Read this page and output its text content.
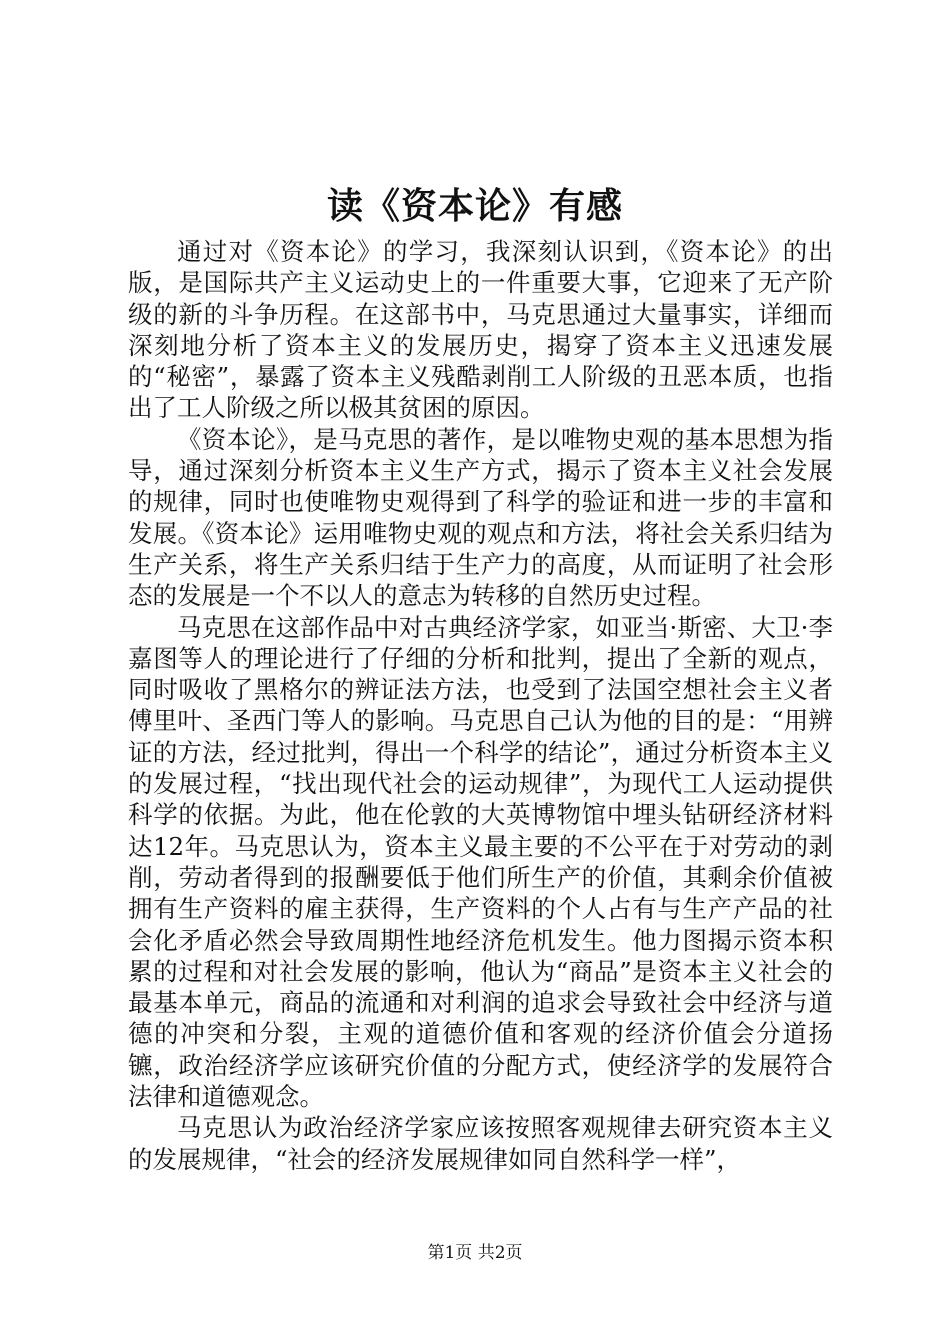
读《资本论》有感

通过对《资本论》的学习，我深刻认识到，《资本论》的出版，是国际共产主义运动史上的一件重要大事，它迎来了无产阶级的新的斗争历程。在这部书中，马克思通过大量事实，详细而深刻地分析了资本主义的发展历史，揭穿了资本主义迅速发展的“秘密”，暴露了资本主义残酷剥削工人阶级的丑恶本质，也指出了工人阶级之所以极其贫困的原因。

《资本论》，是马克思的著作，是以唯物史观的基本思想为指导，通过深刻分析资本主义生产方式，揭示了资本主义社会发展的规律，同时也使唯物史观得到了科学的验证和进一步的丰富和发展。《资本论》运用唯物史观的观点和方法，将社会关系归结为生产关系，将生产关系归结于生产力的高度，从而证明了社会形态的发展是一个不以人的意志为转移的自然历史过程。

马克思在这部作品中对古典经济学家，如亚当·斯密、大卫·李嘉图等人的理论进行了仔细的分析和批判，提出了全新的观点，同时吸收了黑格尔的辨证法方法，也受到了法国空想社会主义者傅里叶、圣西门等人的影响。马克思自己认为他的目的是：“用辨证的方法，经过批判，得出一个科学的结论”，通过分析资本主义的发展过程，“找出现代社会的运动规律”，为现代工人运动提供科学的依据。为此，他在伦敦的大英博物馆中埋头钻研经济材料达12年。马克思认为，资本主义最主要的不公平在于对劳动的剥削，劳动者得到的报酬要低于他们所生产的价值，其剩余价值被拥有生产资料的雇主获得，生产资料的个人占有与生产产品的社会化矛盾必然会导致周期性地经济危机发生。他力图揭示资本积累的过程和对社会发展的影响，他认为“商品”是资本主义社会的最基本单元，商品的流通和对利润的追求会导致社会中经济与道德的冲突和分裂，主观的道德价值和客观的经济价值会分道扬镳，政治经济学应该研究价值的分配方式，使经济学的发展符合法律和道德观念。

马克思认为政治经济学家应该按照客观规律去研究资本主义的发展规律，“社会的经济发展规律如同自然科学一样”，

第1页 共2页
